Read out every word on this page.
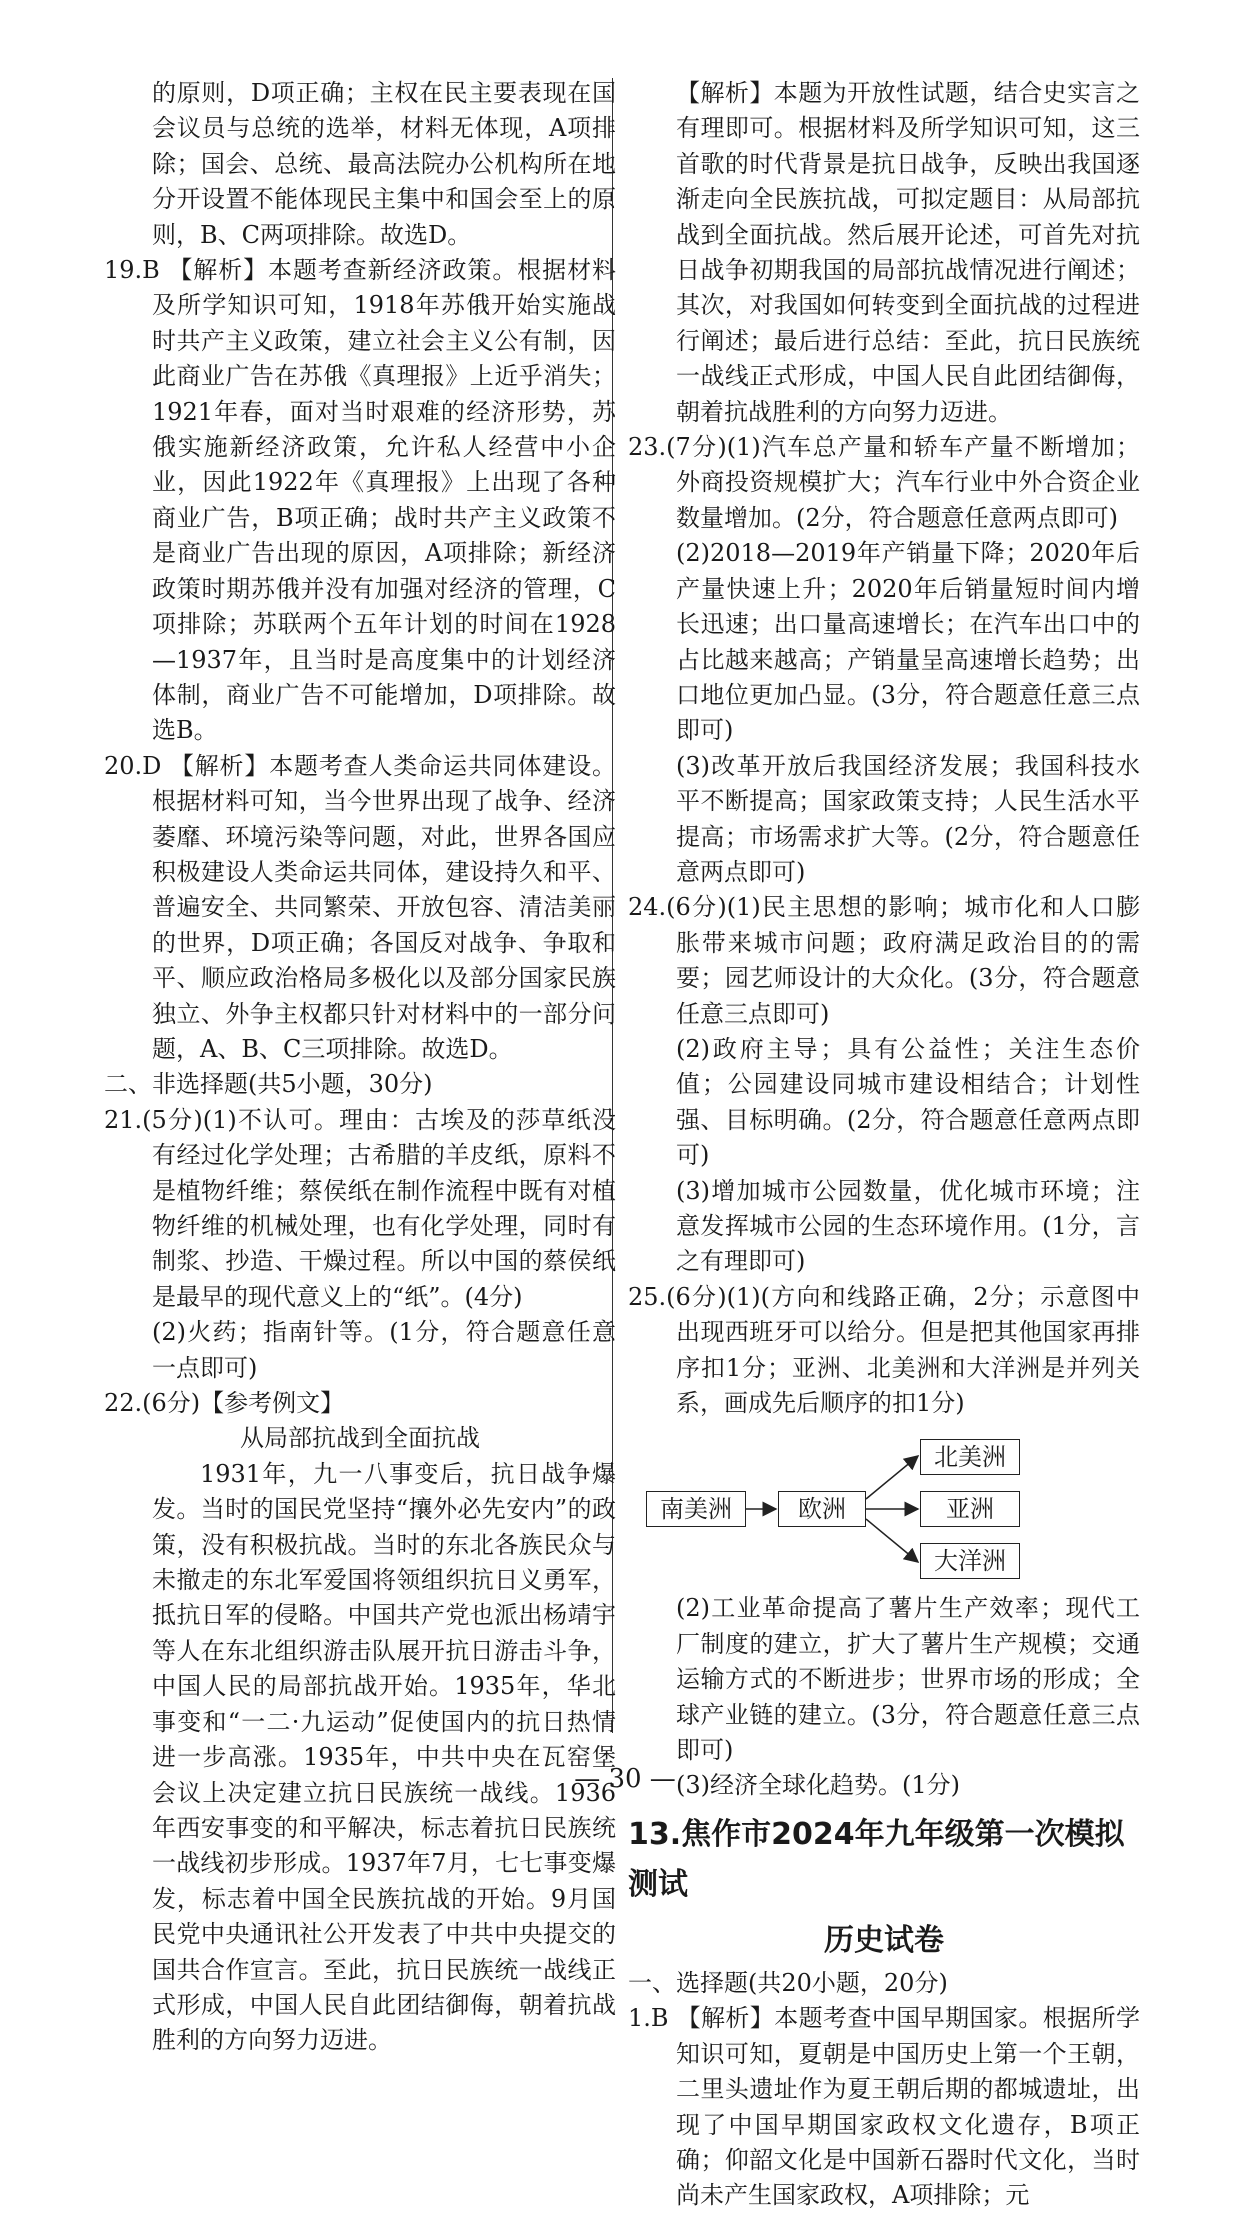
的原则，D项正确；主权在民主要表现在国会议员与总统的选举，材料无体现，A项排除；国会、总统、最高法院办公机构所在地分开设置不能体现民主集中和国会至上的原则，B、C两项排除。故选D。

19.B 【解析】本题考查新经济政策。根据材料及所学知识可知，1918年苏俄开始实施战时共产主义政策，建立社会主义公有制，因此商业广告在苏俄《真理报》上近乎消失；1921年春，面对当时艰难的经济形势，苏俄实施新经济政策，允许私人经营中小企业，因此1922年《真理报》上出现了各种商业广告，B项正确；战时共产主义政策不是商业广告出现的原因，A项排除；新经济政策时期苏俄并没有加强对经济的管理，C项排除；苏联两个五年计划的时间在1928—1937年，且当时是高度集中的计划经济体制，商业广告不可能增加，D项排除。故选B。

20.D 【解析】本题考查人类命运共同体建设。根据材料可知，当今世界出现了战争、经济萎靡、环境污染等问题，对此，世界各国应积极建设人类命运共同体，建设持久和平、普遍安全、共同繁荣、开放包容、清洁美丽的世界，D项正确；各国反对战争、争取和平、顺应政治格局多极化以及部分国家民族独立、外争主权都只针对材料中的一部分问题，A、B、C三项排除。故选D。

二、非选择题(共5小题，30分)

21.(5分)(1)不认可。理由：古埃及的莎草纸没有经过化学处理；古希腊的羊皮纸，原料不是植物纤维；蔡侯纸在制作流程中既有对植物纤维的机械处理，也有化学处理，同时有制浆、抄造、干燥过程。所以中国的蔡侯纸是最早的现代意义上的“纸”。(4分)

(2)火药；指南针等。(1分，符合题意任意一点即可)

22.(6分)【参考例文】

从局部抗战到全面抗战

1931年，九一八事变后，抗日战争爆发。当时的国民党坚持“攘外必先安内”的政策，没有积极抗战。当时的东北各族民众与未撤走的东北军爱国将领组织抗日义勇军，抵抗日军的侵略。中国共产党也派出杨靖宇等人在东北组织游击队展开抗日游击斗争，中国人民的局部抗战开始。1935年，华北事变和“一二·九运动”促使国内的抗日热情进一步高涨。1935年，中共中央在瓦窑堡会议上决定建立抗日民族统一战线。1936年西安事变的和平解决，标志着抗日民族统一战线初步形成。1937年7月，七七事变爆发，标志着中国全民族抗战的开始。9月国民党中央通讯社公开发表了中共中央提交的国共合作宣言。至此，抗日民族统一战线正式形成，中国人民自此团结御侮，朝着抗战胜利的方向努力迈进。

【解析】本题为开放性试题，结合史实言之有理即可。根据材料及所学知识可知，这三首歌的时代背景是抗日战争，反映出我国逐渐走向全民族抗战，可拟定题目：从局部抗战到全面抗战。然后展开论述，可首先对抗日战争初期我国的局部抗战情况进行阐述；其次，对我国如何转变到全面抗战的过程进行阐述；最后进行总结：至此，抗日民族统一战线正式形成，中国人民自此团结御侮，朝着抗战胜利的方向努力迈进。

23.(7分)(1)汽车总产量和轿车产量不断增加；外商投资规模扩大；汽车行业中外合资企业数量增加。(2分，符合题意任意两点即可)

(2)2018—2019年产销量下降；2020年后产量快速上升；2020年后销量短时间内增长迅速；出口量高速增长；在汽车出口中的占比越来越高；产销量呈高速增长趋势；出口地位更加凸显。(3分，符合题意任意三点即可)

(3)改革开放后我国经济发展；我国科技水平不断提高；国家政策支持；人民生活水平提高；市场需求扩大等。(2分，符合题意任意两点即可)

24.(6分)(1)民主思想的影响；城市化和人口膨胀带来城市问题；政府满足政治目的的需要；园艺师设计的大众化。(3分，符合题意任意三点即可)

(2)政府主导；具有公益性；关注生态价值；公园建设同城市建设相结合；计划性强、目标明确。(2分，符合题意任意两点即可)

(3)增加城市公园数量，优化城市环境；注意发挥城市公园的生态环境作用。(1分，言之有理即可)

25.(6分)(1)(方向和线路正确，2分；示意图中出现西班牙可以给分。但是把其他国家再排序扣1分；亚洲、北美洲和大洋洲是并列关系，画成先后顺序的扣1分)

南美洲	欧洲
北美洲
亚洲
大洋洲

(2)工业革命提高了薯片生产效率；现代工厂制度的建立，扩大了薯片生产规模；交通运输方式的不断进步；世界市场的形成；全球产业链的建立。(3分，符合题意任意三点即可)

(3)经济全球化趋势。(1分)

13.焦作市2024年九年级第一次模拟测试
历史试卷

一、选择题(共20小题，20分)

1.B 【解析】本题考查中国早期国家。根据所学知识可知，夏朝是中国历史上第一个王朝，二里头遗址作为夏王朝后期的都城遗址，出现了中国早期国家政权文化遗存，B项正确；仰韶文化是中国新石器时代文化，当时尚未产生国家政权，A项排除；元

— 30 —
